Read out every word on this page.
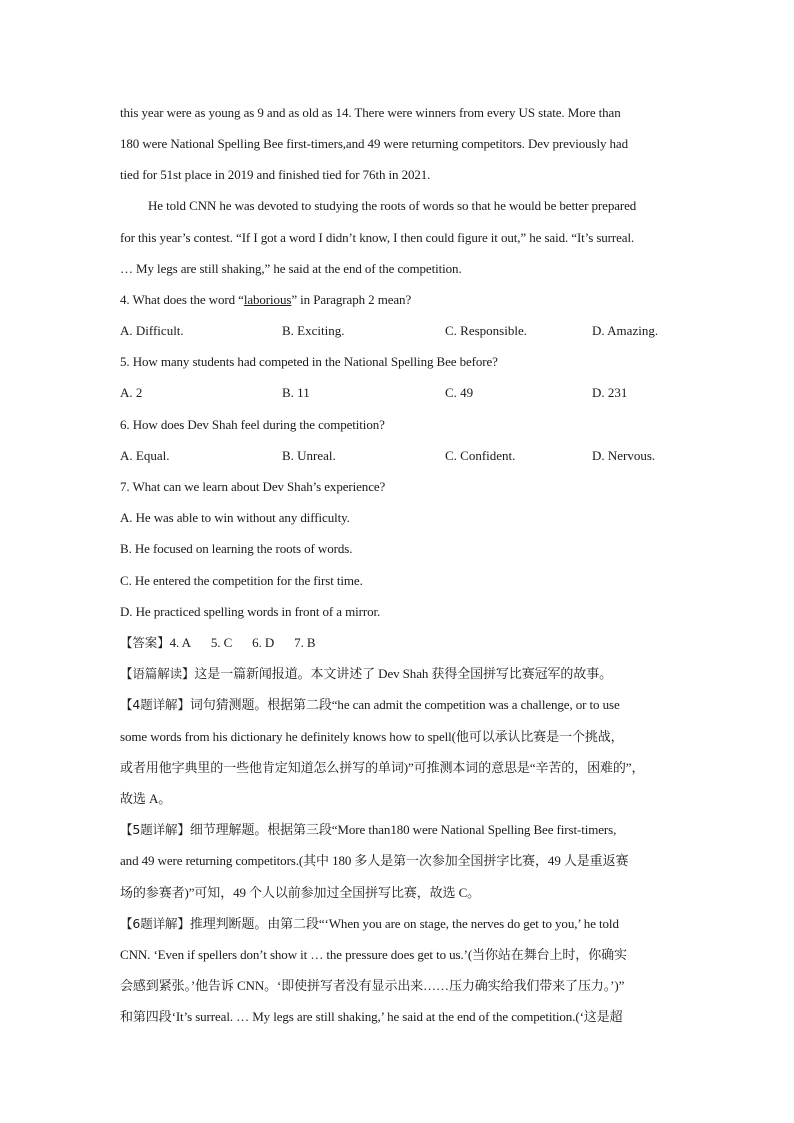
this year were as young as 9 and as old as 14. There were winners from every US state. More than
180 were National Spelling Bee first-timers,and 49 were returning competitors. Dev previously had
tied for 51st place in 2019 and finished tied for 76th in 2021.
He told CNN he was devoted to studying the roots of words so that he would be better prepared
for this year’s contest. “If I got a word I didn’t know, I then could figure it out,” he said. “It’s surreal.
… My legs are still shaking,” he said at the end of the competition.
4. What does the word “laborious” in Paragraph 2 mean?
A. Difficult.	B. Exciting.	C. Responsible.	D. Amazing.
5. How many students had competed in the National Spelling Bee before?
A. 2	B. 11	C. 49	D. 231
6. How does Dev Shah feel during the competition?
A. Equal.	B. Unreal.	C. Confident.	D. Nervous.
7. What can we learn about Dev Shah’s experience?
A. He was able to win without any difficulty.
B. He focused on learning the roots of words.
C. He entered the competition for the first time.
D. He practiced spelling words in front of a mirror.
【答案】4. A 5. C 6. D 7. B
【语篇解读】这是一篇新闻报道。本文讲述了 Dev Shah 获得全国拼写比赛冠军的故事。
【4题详解】词句猜测题。根据第二段“he can admit the competition was a challenge, or to use
some words from his dictionary he definitely knows how to spell(他可以承认比赛是一个挑战，
或者用他字典里的一些他肯定知道怎么拼写的单词)”可推测本词的意思是“辛苦的，困难的”，
故选 A。
【5题详解】细节理解题。根据第三段“More than180 were National Spelling Bee first-timers,
and 49 were returning competitors.(其中 180 多人是第一次参加全国拼字比赛，49 人是重返赛
场的参赛者)”可知，49 个人以前参加过全国拼写比赛，故选 C。
【6题详解】推理判断题。由第二段“‘When you are on stage, the nerves do get to you,’ he told
CNN. ‘Even if spellers don’t show it … the pressure does get to us.’(当你站在舞台上时，你确实
会感到紧张。’他告诉 CNN。‘即使拼写者没有显示出来……压力确实给我们带来了压力。’)”
和第四段‘It’s surreal. … My legs are still shaking,’ he said at the end of the competition.(‘这是超
